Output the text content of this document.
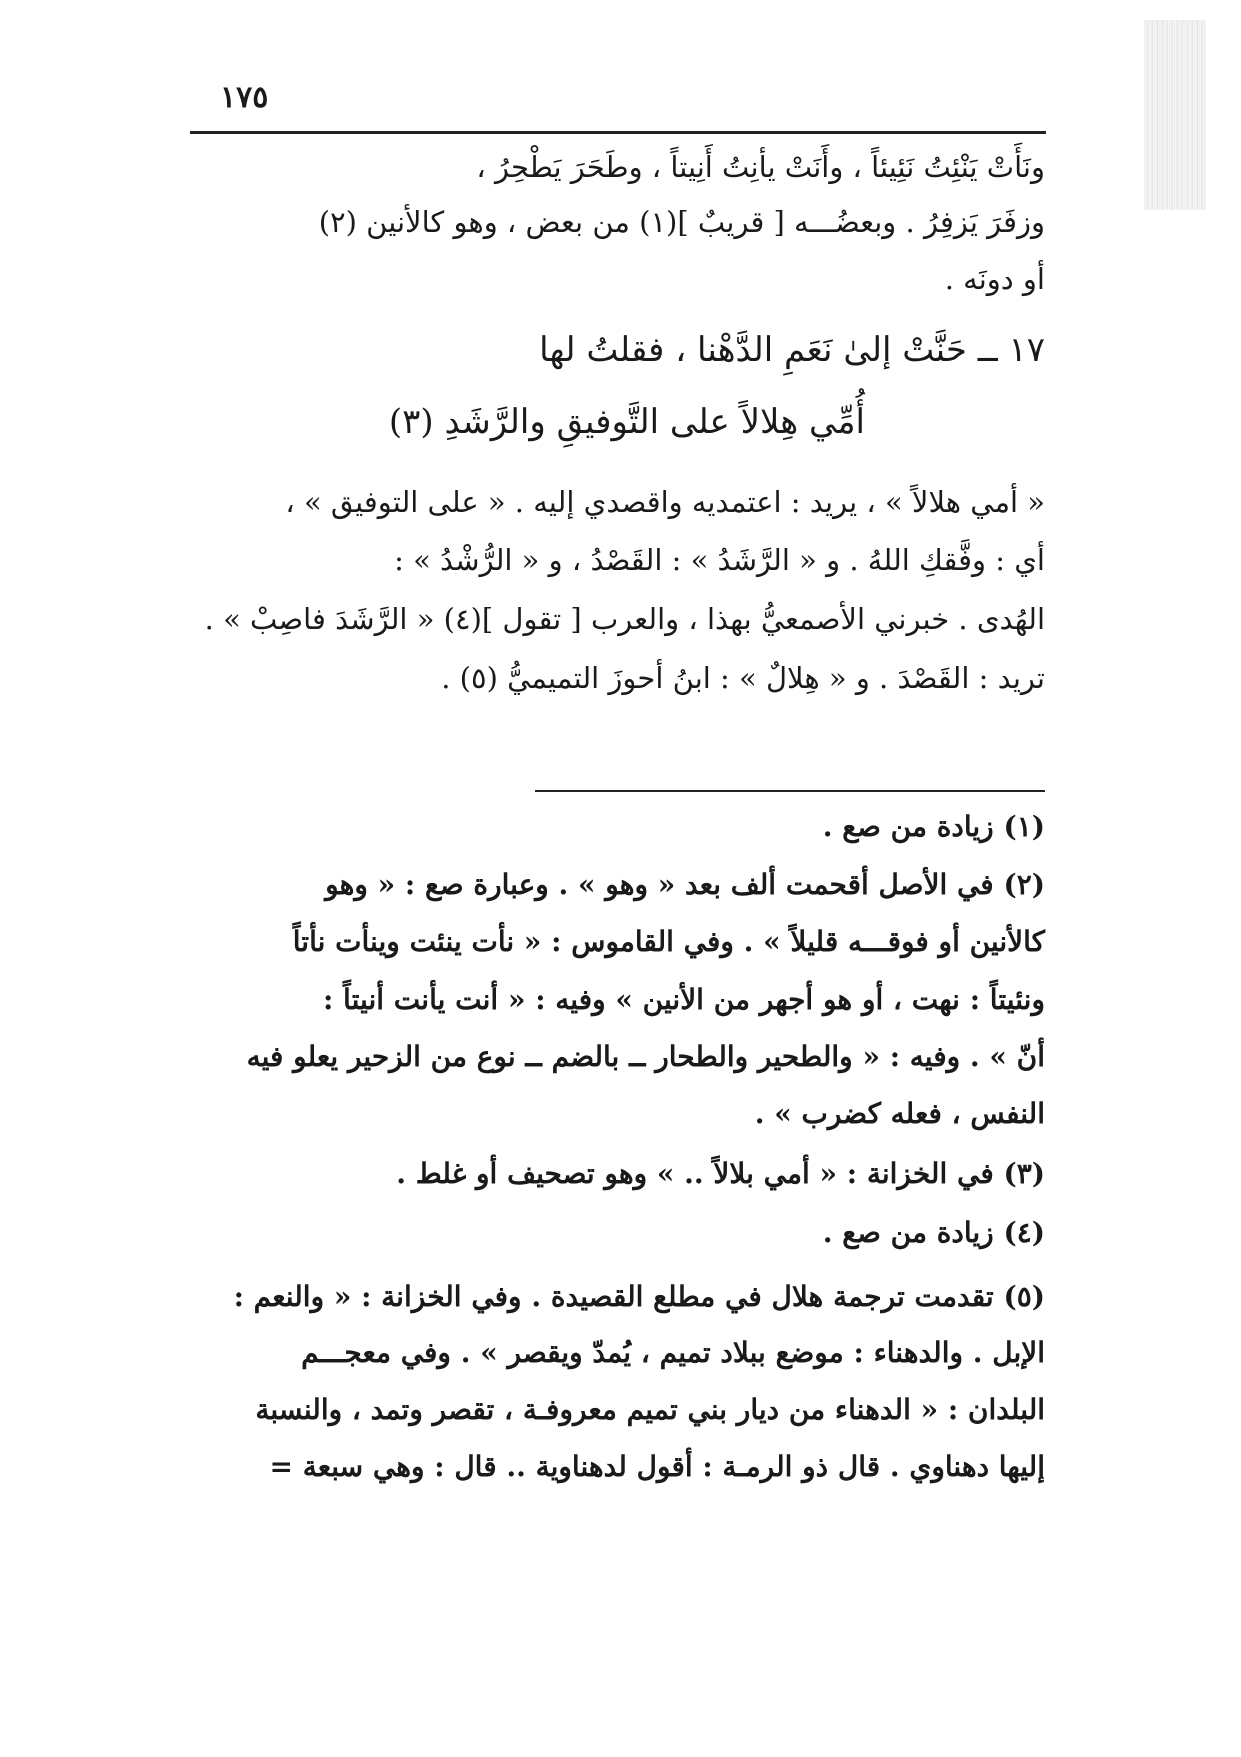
١٧٥
ونَأَتْ يَنْئِتُ نَئِيئاً ، وأَنَتْ يأنِتُ أَنِيتاً ، وطَحَرَ يَطْحِرُ ،
وزفَرَ يَزفِرُ . وبعضُـــه [ قريبٌ ](١) من بعض ، وهو كالأنين (٢)
أو دونَه .
١٧ ــ حَنَّتْ إلىٰ نَعَمِ الدَّهْنا ، فقلتُ لها
أُمِّي هِلالاً على التَّوفيقِ والرَّشَدِ (٣)
« أمي هلالاً » ، يريد : اعتمديه واقصدي إليه . « على التوفيق » ،
أي : وفَّقكِ اللهُ . و « الرَّشَدُ » : القَصْدُ ، و « الرُّشْدُ » :
الهُدى . خبرني الأصمعيُّ بهذا ، والعرب [ تقول ](٤) « الرَّشَدَ فاصِبْ » .
تريد : القَصْدَ . و « هِلالٌ » : ابنُ أحوزَ التميميُّ (٥) .
(١) زيادة من صع .
(٢) في الأصل أقحمت ألف بعد « وهو » . وعبارة صع : « وهو
كالأنين أو فوقـــه قليلاً » . وفي القاموس : « نأت ينئت وينأت نأتاً
ونئيتاً : نهت ، أو هو أجهر من الأنين » وفيه : « أنت يأنت أنيتاً :
أنّ » . وفيه : « والطحير والطحار ــ بالضم ــ نوع من الزحير يعلو فيه
النفس ، فعله كضرب » .
(٣) في الخزانة : « أمي بلالاً .. » وهو تصحيف أو غلط .
(٤) زيادة من صع .
(٥) تقدمت ترجمة هلال في مطلع القصيدة . وفي الخزانة : « والنعم :
الإبل . والدهناء : موضع ببلاد تميم ، يُمدّ ويقصر » . وفي معجـــم
البلدان : « الدهناء من ديار بني تميم معروفـة ، تقصر وتمد ، والنسبة
إليها دهناوي . قال ذو الرمـة : أقول لدهناوية .. قال : وهي سبعة =
